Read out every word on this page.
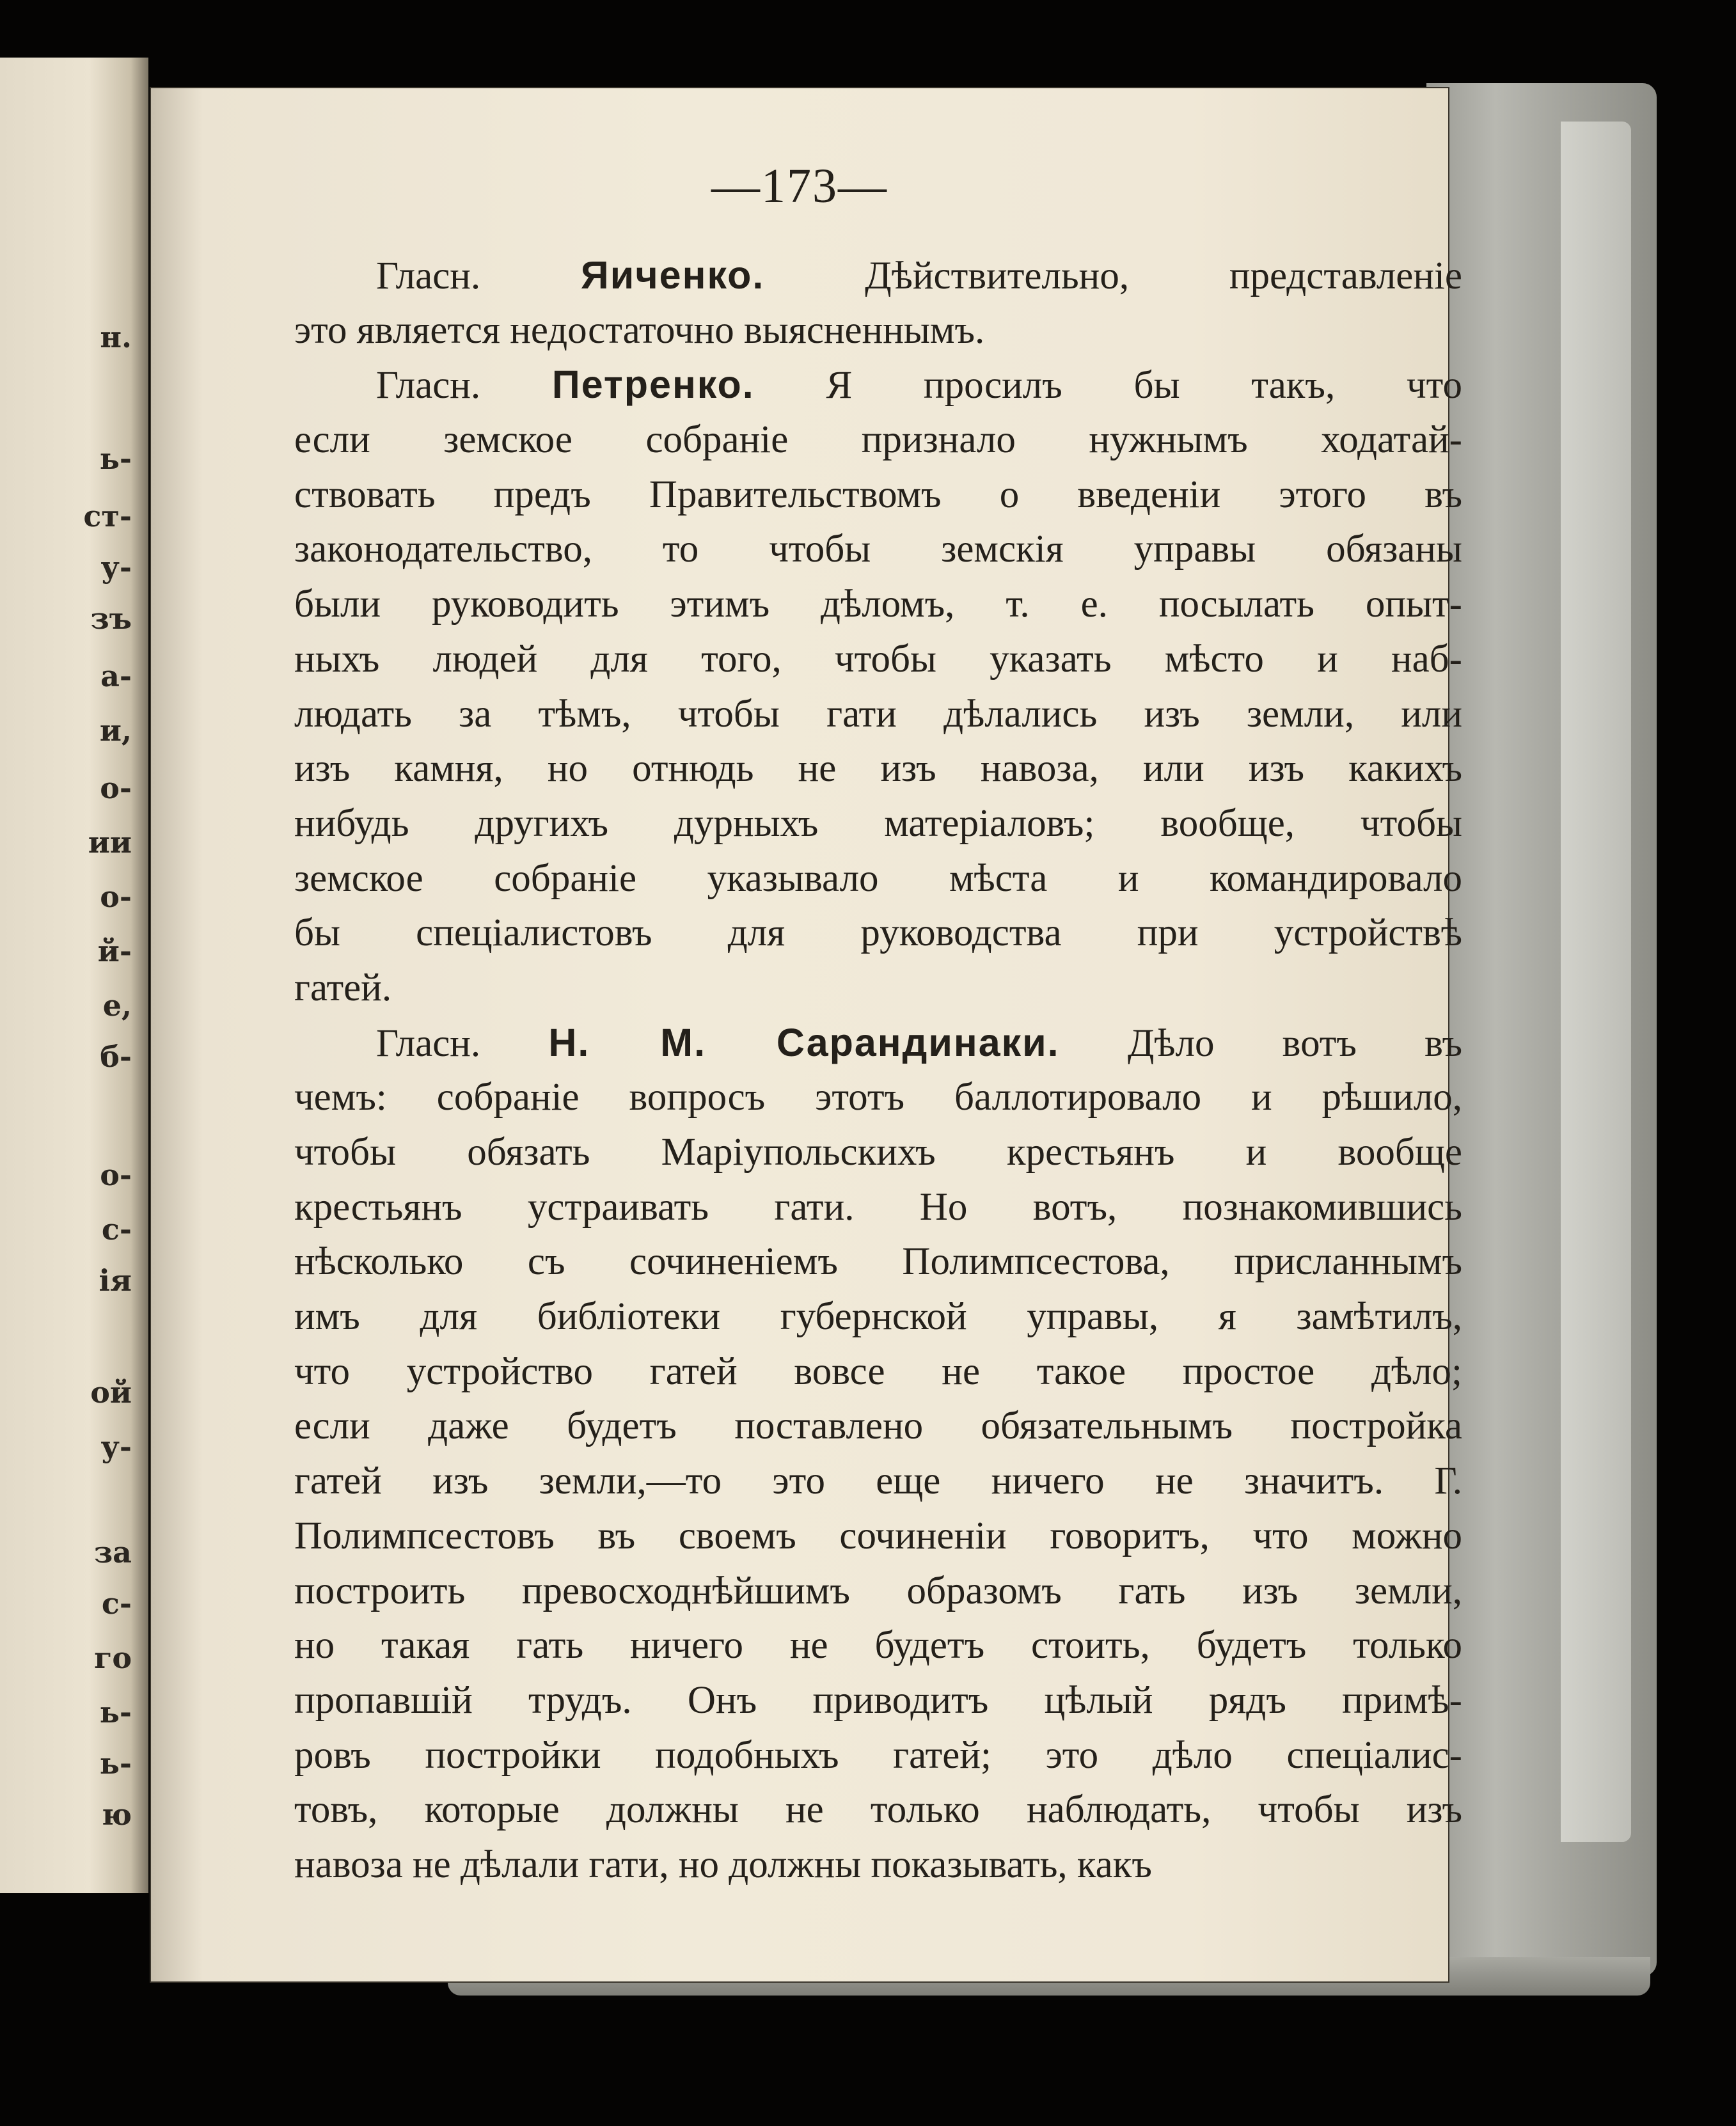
н.
ь-
ст-
у-
зъ
а-
и,
о-
ии
о-
й-
е,
б-
о-
с-
ія
ой
у-
за
с-
го
ь-
ь-
ю
—173—
Гласн. Яиченко. Дѣйствительно, представленіе
это является недостаточно выясненнымъ.
Гласн. Петренко. Я просилъ бы такъ, что
если земское собраніе признало нужнымъ ходатай-
ствовать предъ Правительствомъ о введеніи этого въ
законодательство, то чтобы земскія управы обязаны
были руководить этимъ дѣломъ, т. е. посылать опыт-
ныхъ людей для того, чтобы указать мѣсто и наб-
людать за тѣмъ, чтобы гати дѣлались изъ земли, или
изъ камня, но отнюдь не изъ навоза, или изъ какихъ
нибудь другихъ дурныхъ матеріаловъ; вообще, чтобы
земское собраніе указывало мѣста и командировало
бы спеціалистовъ для руководства при устройствѣ
гатей.
Гласн. Н. М. Сарандинаки. Дѣло вотъ въ
чемъ: собраніе вопросъ этотъ баллотировало и рѣшило,
чтобы обязать Маріупольскихъ крестьянъ и вообще
крестьянъ устраивать гати. Но вотъ, познакомившись
нѣсколько съ сочиненіемъ Полимпсестова, присланнымъ
имъ для библіотеки губернской управы, я замѣтилъ,
что устройство гатей вовсе не такое простое дѣло;
если даже будетъ поставлено обязательнымъ постройка
гатей изъ земли,—то это еще ничего не значитъ. Г.
Полимпсестовъ въ своемъ сочиненіи говоритъ, что можно
построить превосходнѣйшимъ образомъ гать изъ земли,
но такая гать ничего не будетъ стоить, будетъ только
пропавшій трудъ. Онъ приводитъ цѣлый рядъ примѣ-
ровъ постройки подобныхъ гатей; это дѣло спеціалис-
товъ, которые должны не только наблюдать, чтобы изъ
навоза не дѣлали гати, но должны показывать, какъ
